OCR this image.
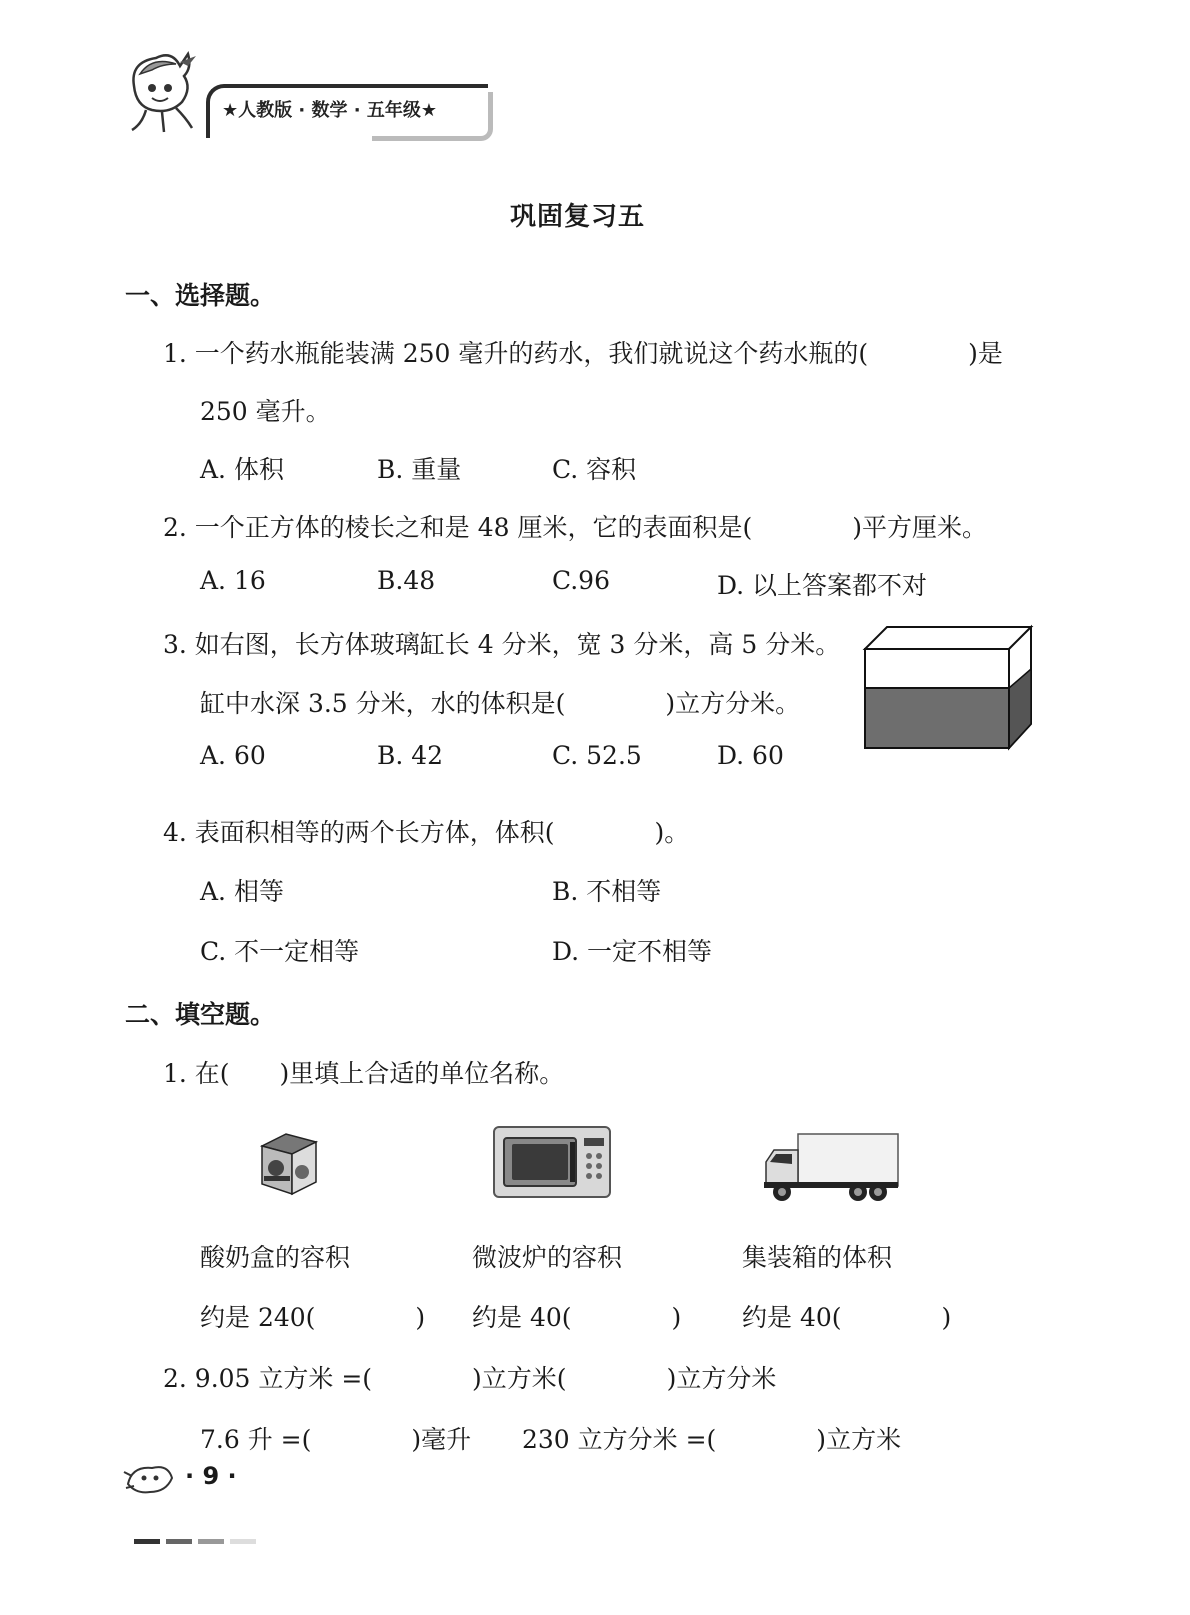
★人教版 · 数学 · 五年级★
巩固复习五
一、选择题。
1. 一个药水瓶能装满 250 毫升的药水，我们就说这个药水瓶的(　　　　)是
250 毫升。
A. 体积	B. 重量	C. 容积
2. 一个正方体的棱长之和是 48 厘米，它的表面积是(　　　　)平方厘米。
A. 16	B.48	C.96	D. 以上答案都不对
3. 如右图，长方体玻璃缸长 4 分米，宽 3 分米，高 5 分米。
缸中水深 3.5 分米，水的体积是(　　　　)立方分米。
A. 60	B. 42	C. 52.5	D. 60
4. 表面积相等的两个长方体，体积(　　　　)。
A. 相等	B. 不相等
C. 不一定相等	D. 一定不相等
二、填空题。
1. 在(　　)里填上合适的单位名称。
酸奶盒的容积	微波炉的容积	集装箱的体积
约是 240(　　　　) 约是 40(　　　　) 约是 40(　　　　)
2. 9.05 立方米 =(　　　　)立方米(　　　　)立方分米
7.6 升 =(　　　　)毫升 230 立方分米 =(　　　　)立方米
· 9 ·
